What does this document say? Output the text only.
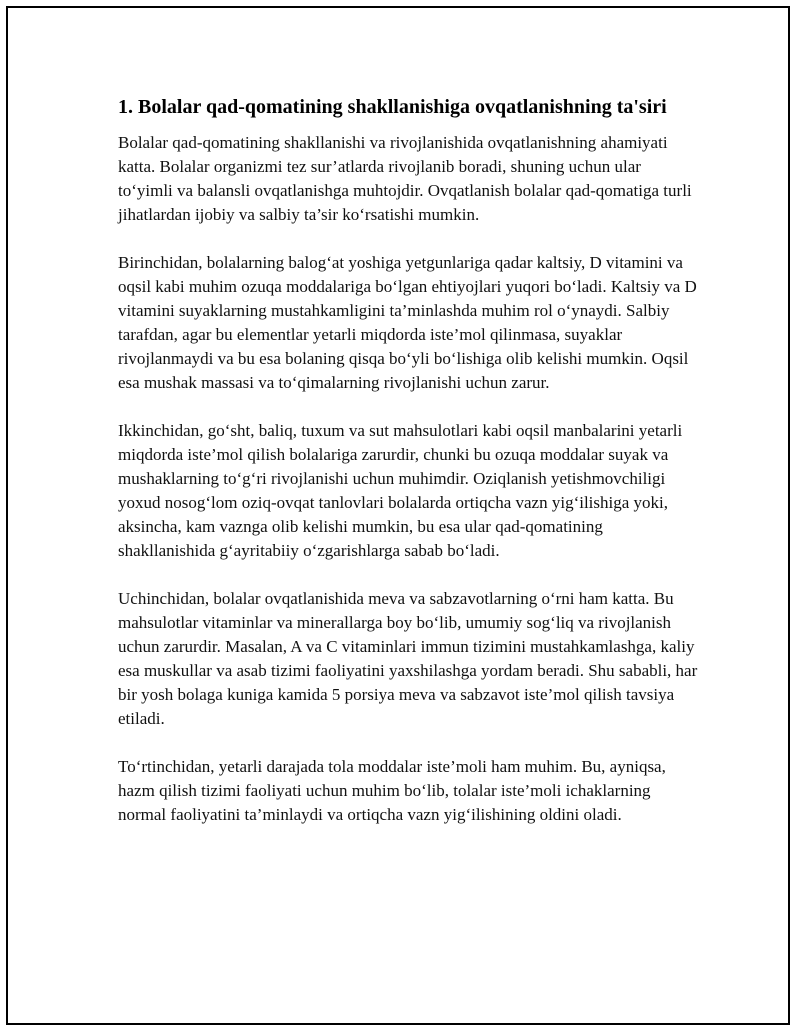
1. Bolalar qad-qomatining shakllanishiga ovqatlanishning ta'siri

Bolalar qad-qomatining shakllanishi va rivojlanishida ovqatlanishning ahamiyati katta. Bolalar organizmi tez sur’atlarda rivojlanib boradi, shuning uchun ular to‘yimli va balansli ovqatlanishga muhtojdir. Ovqatlanish bolalar qad-qomatiga turli jihatlardan ijobiy va salbiy ta’sir ko‘rsatishi mumkin.

Birinchidan, bolalarning balog‘at yoshiga yetgunlariga qadar kaltsiy, D vitamini va oqsil kabi muhim ozuqa moddalariga bo‘lgan ehtiyojlari yuqori bo‘ladi. Kaltsiy va D vitamini suyaklarning mustahkamligini ta’minlashda muhim rol o‘ynaydi. Salbiy tarafdan, agar bu elementlar yetarli miqdorda iste’mol qilinmasa, suyaklar rivojlanmaydi va bu esa bolaning qisqa bo‘yli bo‘lishiga olib kelishi mumkin. Oqsil esa mushak massasi va to‘qimalarning rivojlanishi uchun zarur.

Ikkinchidan, go‘sht, baliq, tuxum va sut mahsulotlari kabi oqsil manbalarini yetarli miqdorda iste’mol qilish bolalariga zarurdir, chunki bu ozuqa moddalar suyak va mushaklarning to‘g‘ri rivojlanishi uchun muhimdir. Oziqlanish yetishmovchiligi yoxud nosog‘lom oziq-ovqat tanlovlari bolalarda ortiqcha vazn yig‘ilishiga yoki, aksincha, kam vaznga olib kelishi mumkin, bu esa ular qad-qomatining shakllanishida g‘ayritabiiy o‘zgarishlarga sabab bo‘ladi.

Uchinchidan, bolalar ovqatlanishida meva va sabzavotlarning o‘rni ham katta. Bu mahsulotlar vitaminlar va minerallarga boy bo‘lib, umumiy sog‘liq va rivojlanish uchun zarurdir. Masalan, A va C vitaminlari immun tizimini mustahkamlashga, kaliy esa muskullar va asab tizimi faoliyatini yaxshilashga yordam beradi. Shu sababli, har bir yosh bolaga kuniga kamida 5 porsiya meva va sabzavot iste’mol qilish tavsiya etiladi.

To‘rtinchidan, yetarli darajada tola moddalar iste’moli ham muhim. Bu, ayniqsa, hazm qilish tizimi faoliyati uchun muhim bo‘lib, tolalar iste’moli ichaklarning normal faoliyatini ta’minlaydi va ortiqcha vazn yig‘ilishining oldini oladi.
